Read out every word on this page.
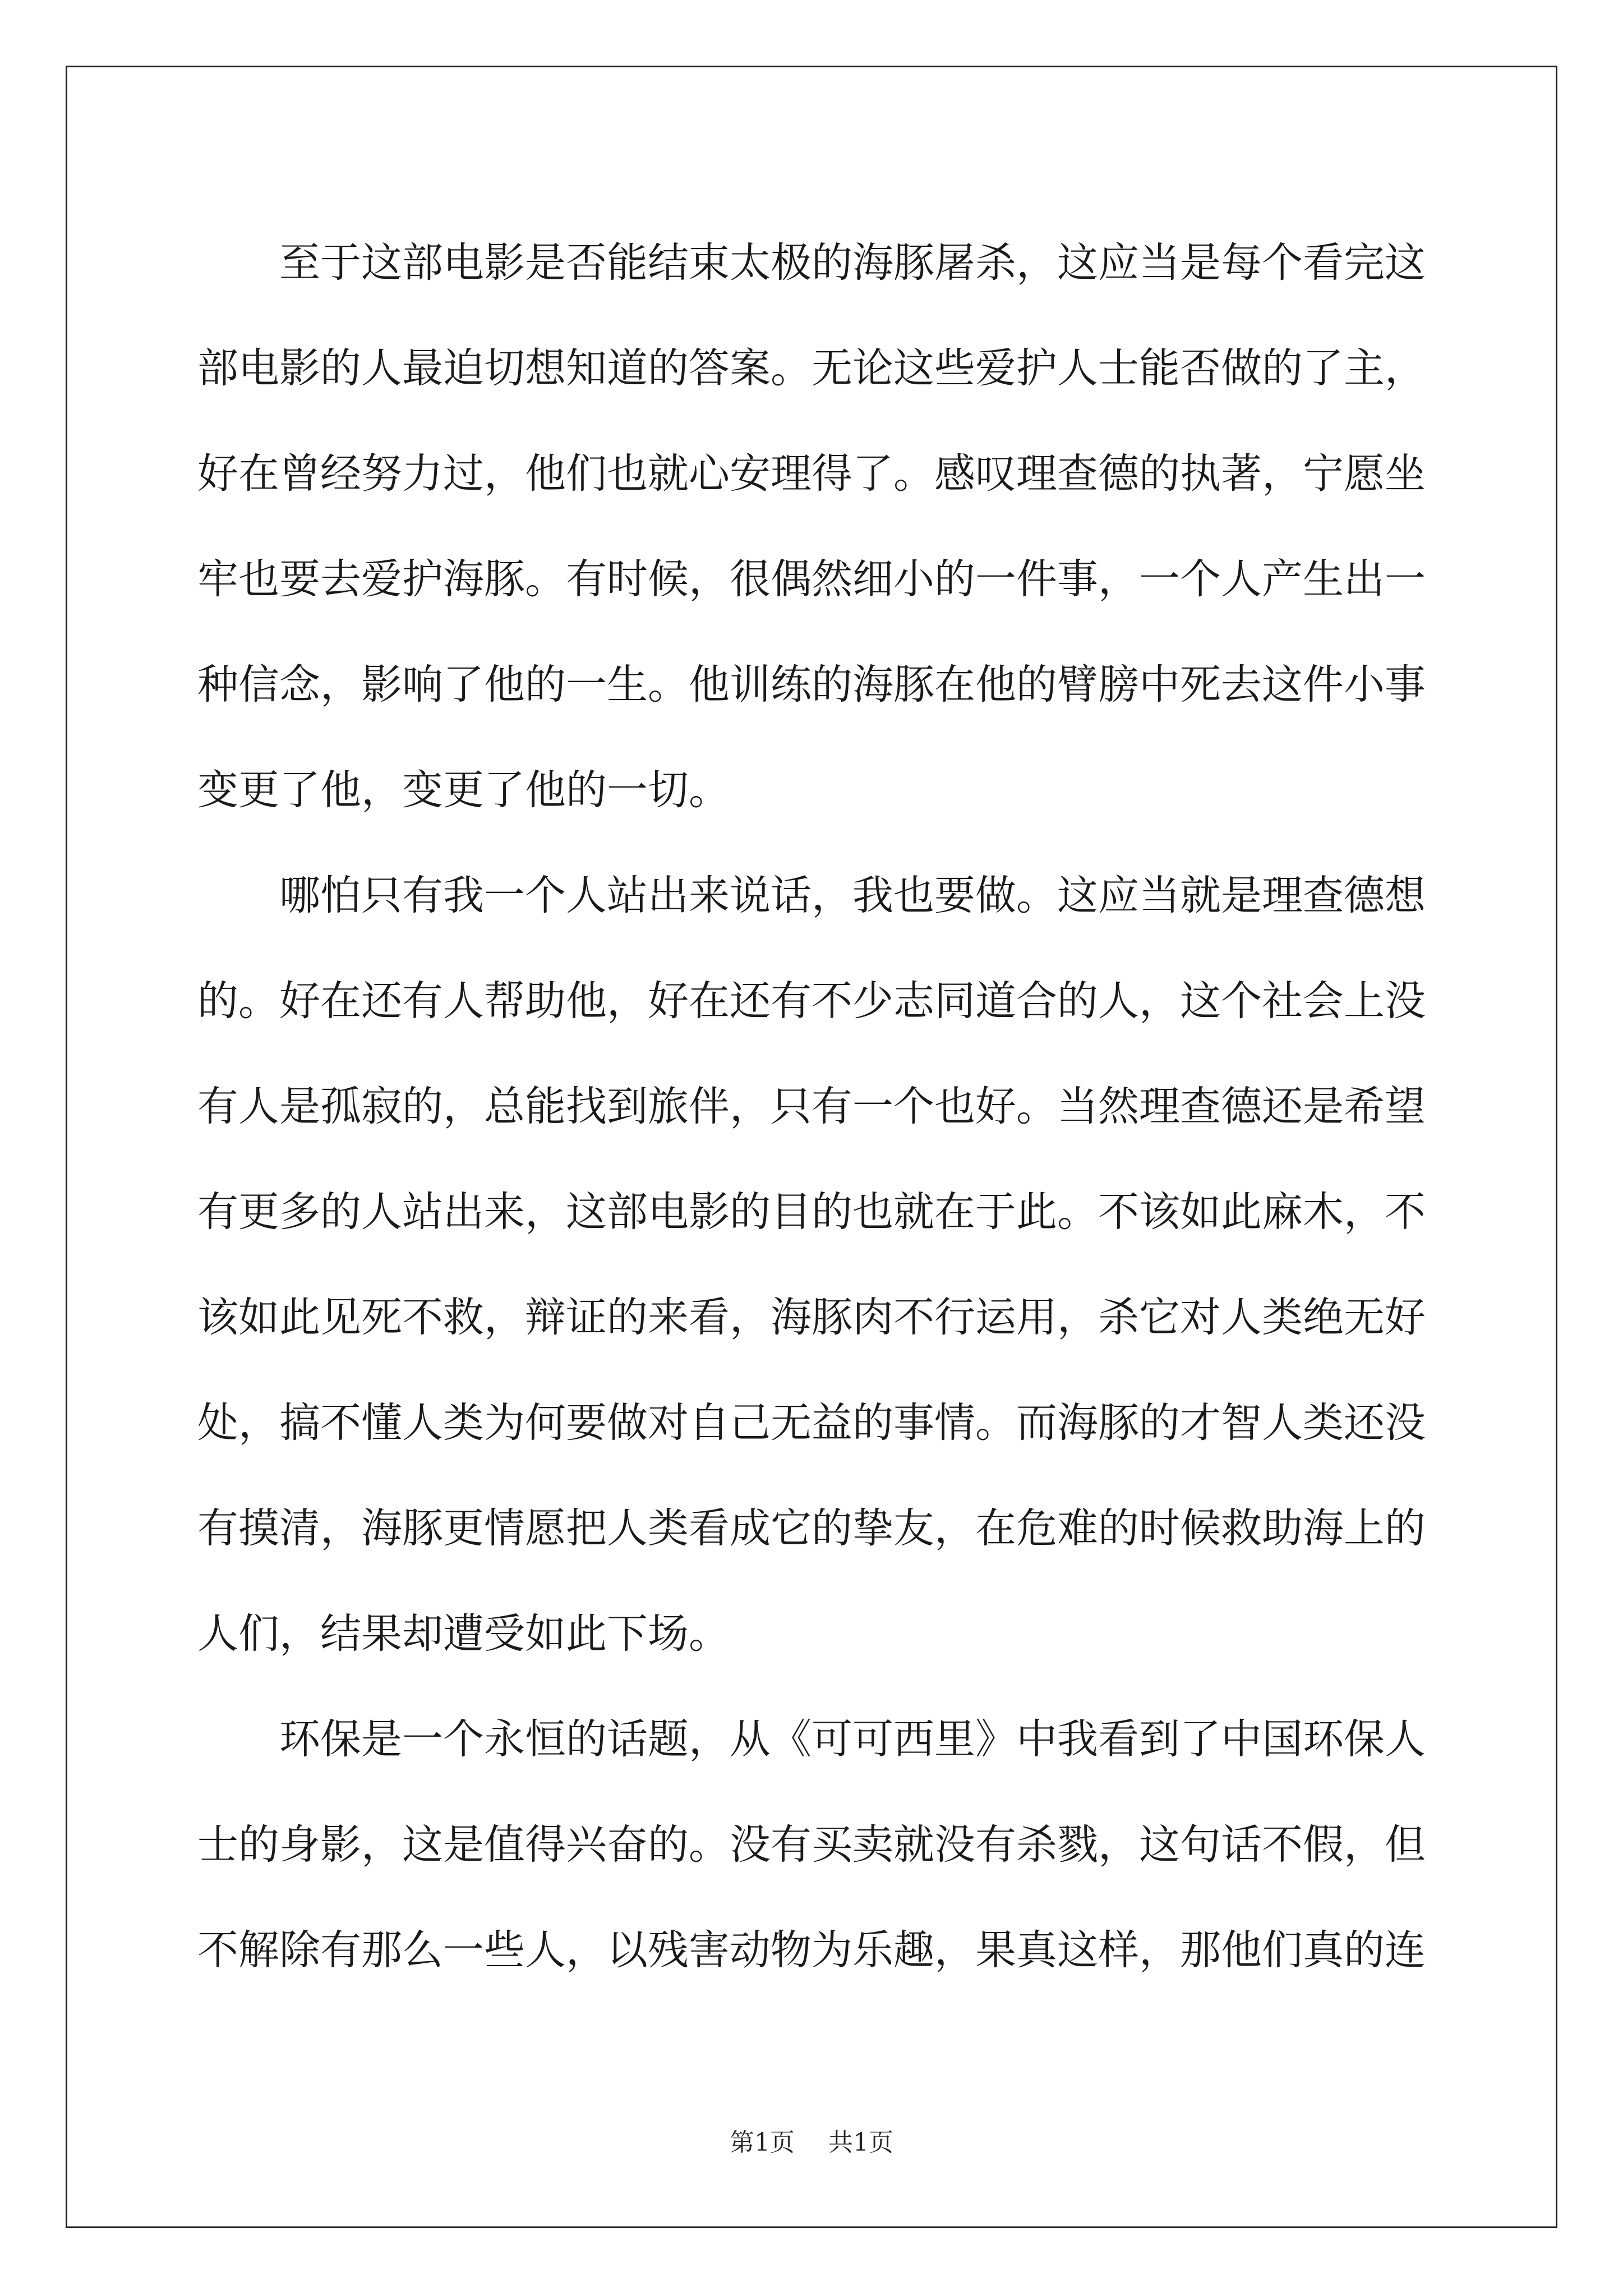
至于这部电影是否能结束太极的海豚屠杀，这应当是每个看完这部电影的人最迫切想知道的答案。无论这些爱护人士能否做的了主，好在曾经努力过，他们也就心安理得了。感叹理查德的执著，宁愿坐牢也要去爱护海豚。有时候，很偶然细小的一件事，一个人产生出一种信念，影响了他的一生。他训练的海豚在他的臂膀中死去这件小事变更了他，变更了他的一切。

哪怕只有我一个人站出来说话，我也要做。这应当就是理查德想的。好在还有人帮助他，好在还有不少志同道合的人，这个社会上没有人是孤寂的，总能找到旅伴，只有一个也好。当然理查德还是希望有更多的人站出来，这部电影的目的也就在于此。不该如此麻木，不该如此见死不救，辩证的来看，海豚肉不行运用，杀它对人类绝无好处，搞不懂人类为何要做对自己无益的事情。而海豚的才智人类还没有摸清，海豚更情愿把人类看成它的挚友，在危难的时候救助海上的人们，结果却遭受如此下场。

环保是一个永恒的话题，从《可可西里》中我看到了中国环保人士的身影，这是值得兴奋的。没有买卖就没有杀戮，这句话不假，但不解除有那么一些人，以残害动物为乐趣，果真这样，那他们真的连

第1页 共1页
